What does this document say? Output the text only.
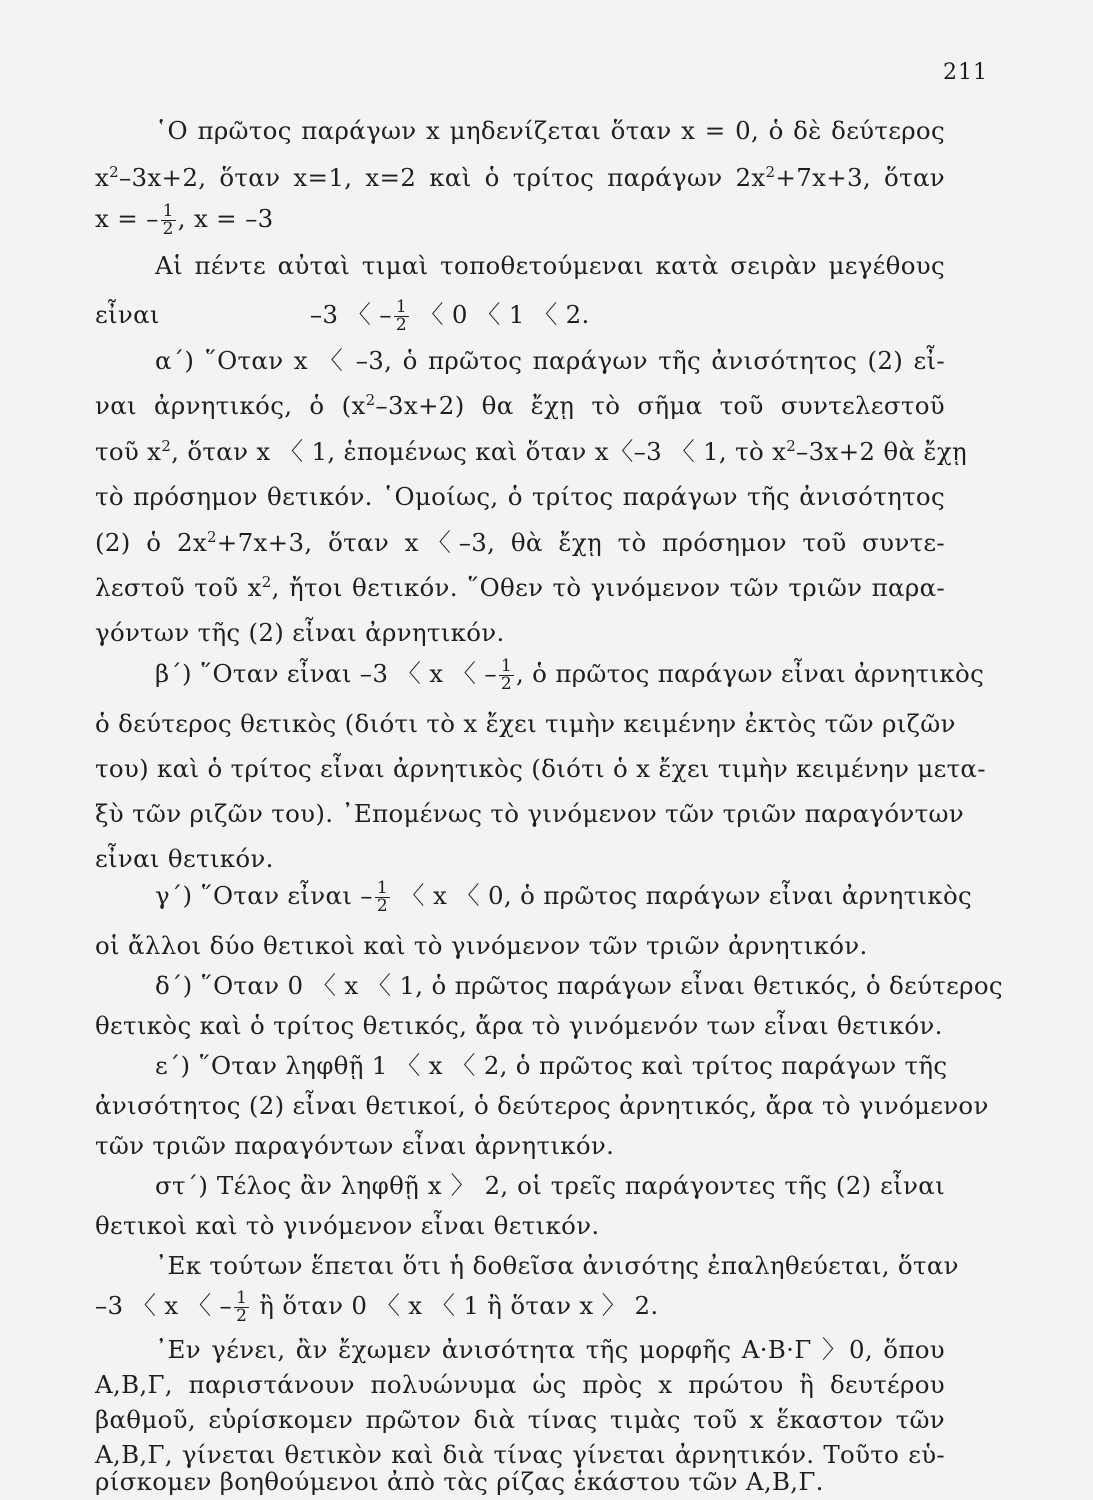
211
῾Ο πρῶτος παράγων x μηδενίζεται ὅταν x = 0, ὁ δὲ δεύτερος
$x^2-3x+2$, ὅταν x=1, x=2 καὶ ὁ τρίτος παράγων $2x^2+7x+3$, ὅταν
x = – $\frac{1}{2}$ , x = –3
Αἱ πέντε αὐταὶ τιμαὶ τοποθετούμεναι κατὰ σειρὰν μεγέθους
εἶναι	–3 〈 – $\frac{1}{2}$ 〈 0 〈 1 〈 2.
α΄) ῞Οταν x 〈 –3, ὁ πρῶτος παράγων τῆς ἀνισότητος (2) εἶ-
ναι ἀρνητικός, ὁ $(x^2-3x+2)$ θα ἔχῃ τὸ σῆμα τοῦ συντελεστοῦ
τοῦ $x^2$, ὅταν x 〈 1, ἑπομένως καὶ ὅταν x〈–3 〈 1, τὸ $x^2-3x+2$ θὰ ἔχῃ
τὸ πρόσημον θετικόν. ῾Ομοίως, ὁ τρίτος παράγων τῆς ἀνισότητος
(2) ὁ $2x^2+7x+3$, ὅταν x〈–3, θὰ ἔχῃ τὸ πρόσημον τοῦ συντε-
λεστοῦ τοῦ $x^2$, ἤτοι θετικόν. ῞Οθεν τὸ γινόμενον τῶν τριῶν παρα-
γόντων τῆς (2) εἶναι ἀρνητικόν.
β΄) ῞Οταν εἶναι –3 〈 x 〈 – $\frac{1}{2}$ , ὁ πρῶτος παράγων εἶναι ἀρνητικὸς
ὁ δεύτερος θετικὸς (διότι τὸ x ἔχει τιμὴν κειμένην ἐκτὸς τῶν ριζῶν
του) καὶ ὁ τρίτος εἶναι ἀρνητικὸς (διότι ὁ x ἔχει τιμὴν κειμένην μετα-
ξὺ τῶν ριζῶν του). ᾿Επομένως τὸ γινόμενον τῶν τριῶν παραγόντων
εἶναι θετικόν.
γ΄) ῞Οταν εἶναι – $\frac{1}{2}$ 〈 x 〈 0, ὁ πρῶτος παράγων εἶναι ἀρνητικὸς
οἱ ἄλλοι δύο θετικοὶ καὶ τὸ γινόμενον τῶν τριῶν ἀρνητικόν.
δ΄) ῞Οταν 0 〈 x 〈 1, ὁ πρῶτος παράγων εἶναι θετικός, ὁ δεύτερος
θετικὸς καὶ ὁ τρίτος θετικός, ἄρα τὸ γινόμενόν των εἶναι θετικόν.
ε΄) ῞Οταν ληφθῇ 1 〈 x 〈 2, ὁ πρῶτος καὶ τρίτος παράγων τῆς
ἀνισότητος (2) εἶναι θετικοί, ὁ δεύτερος ἀρνητικός, ἄρα τὸ γινόμενον
τῶν τριῶν παραγόντων εἶναι ἀρνητικόν.
στ΄) Τέλος ἂν ληφθῇ x 〉 2, οἱ τρεῖς παράγοντες τῆς (2) εἶναι
θετικοὶ καὶ τὸ γινόμενον εἶναι θετικόν.
᾿Εκ τούτων ἕπεται ὅτι ἡ δοθεῖσα ἀνισότης ἐπαληθεύεται, ὅταν
–3 〈 x 〈 – $\frac{1}{2}$ ἢ ὅταν 0 〈 x 〈 1 ἢ ὅταν x 〉 2.
᾿Εν γένει, ἂν ἔχωμεν ἀνισότητα τῆς μορφῆς Α·Β·Γ 〉0, ὅπου
Α,Β,Γ, παριστάνουν πολυώνυμα ὡς πρὸς x πρώτου ἢ δευτέρου
βαθμοῦ, εὑρίσκομεν πρῶτον διὰ τίνας τιμὰς τοῦ x ἕκαστον τῶν
Α,Β,Γ, γίνεται θετικὸν καὶ διὰ τίνας γίνεται ἀρνητικόν. Τοῦτο εὑ-
ρίσκομεν βοηθούμενοι ἀπὸ τὰς ρίζας ἑκάστου τῶν Α,Β,Γ.
